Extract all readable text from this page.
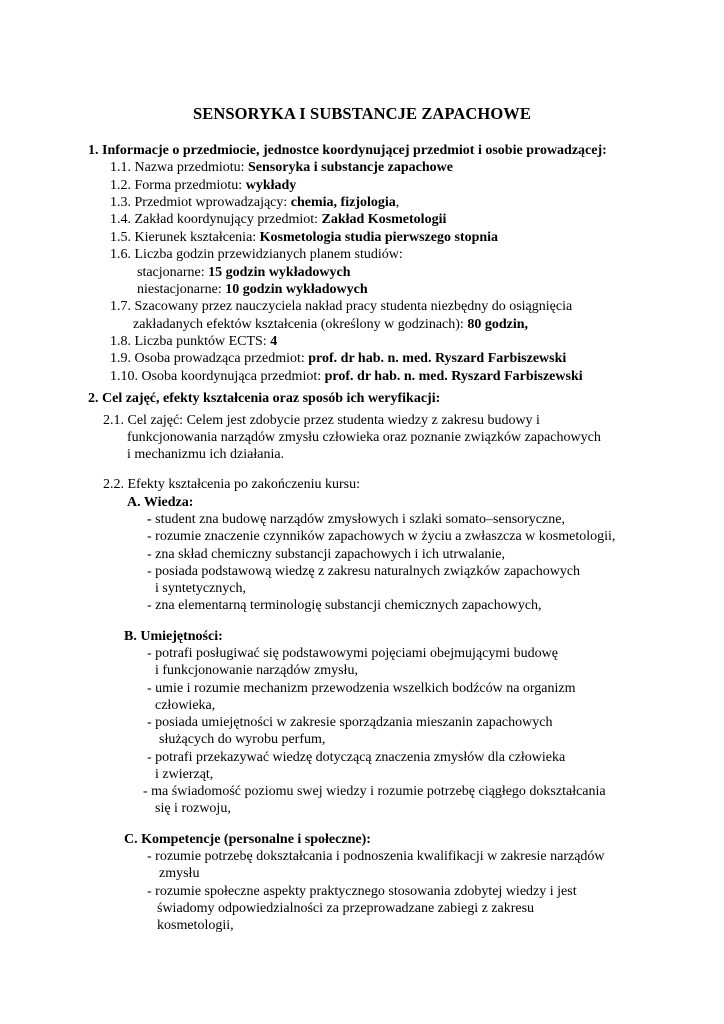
SENSORYKA I SUBSTANCJE ZAPACHOWE
1. Informacje o przedmiocie, jednostce koordynującej przedmiot i osobie prowadzącej:
1.1. Nazwa przedmiotu: Sensoryka i substancje zapachowe
1.2. Forma przedmiotu: wykłady
1.3. Przedmiot wprowadzający: chemia, fizjologia,
1.4. Zakład koordynujący przedmiot: Zakład Kosmetologii
1.5. Kierunek kształcenia: Kosmetologia studia pierwszego stopnia
1.6. Liczba godzin przewidzianych planem studiów:
stacjonarne: 15 godzin wykładowych
niestacjonarne: 10 godzin wykładowych
1.7. Szacowany przez nauczyciela nakład pracy studenta niezbędny do osiągnięcia
zakładanych efektów kształcenia (określony w godzinach): 80 godzin,
1.8. Liczba punktów ECTS: 4
1.9. Osoba prowadząca przedmiot: prof. dr hab. n. med. Ryszard Farbiszewski
1.10. Osoba koordynująca przedmiot: prof. dr hab. n. med. Ryszard Farbiszewski
2. Cel zajęć, efekty kształcenia oraz sposób ich weryfikacji:
2.1. Cel zajęć: Celem jest zdobycie przez studenta wiedzy z zakresu budowy i
funkcjonowania narządów zmysłu człowieka oraz poznanie związków zapachowych
i mechanizmu ich działania.
2.2. Efekty kształcenia po zakończeniu kursu:
A. Wiedza:
- student zna budowę narządów zmysłowych i szlaki somato–sensoryczne,
- rozumie znaczenie czynników zapachowych w życiu a zwłaszcza w kosmetologii,
- zna skład chemiczny substancji zapachowych i ich utrwalanie,
- posiada podstawową wiedzę z zakresu naturalnych związków zapachowych
i syntetycznych,
- zna elementarną terminologię substancji chemicznych zapachowych,
B. Umiejętności:
- potrafi posługiwać się podstawowymi pojęciami obejmującymi budowę
i funkcjonowanie narządów zmysłu,
- umie i rozumie mechanizm przewodzenia wszelkich bodźców na organizm
człowieka,
- posiada umiejętności w zakresie sporządzania mieszanin zapachowych
służących do wyrobu perfum,
- potrafi przekazywać wiedzę dotyczącą znaczenia zmysłów dla człowieka
i zwierząt,
- ma świadomość poziomu swej wiedzy i rozumie potrzebę ciągłego dokształcania
się i rozwoju,
C. Kompetencje (personalne i społeczne):
- rozumie potrzebę dokształcania i podnoszenia kwalifikacji w zakresie narządów
zmysłu
- rozumie społeczne aspekty praktycznego stosowania zdobytej wiedzy i jest
świadomy odpowiedzialności za przeprowadzane zabiegi z zakresu
kosmetologii,
